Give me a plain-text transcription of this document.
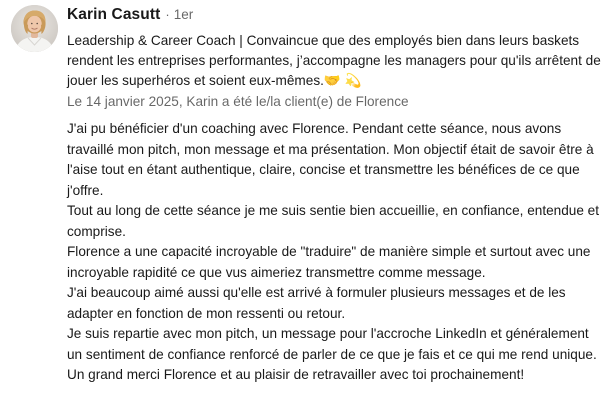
Karin Casutt · 1er
Leadership & Career Coach | Convaincue que des employés bien dans leurs baskets rendent les entreprises performantes, j’accompagne les managers pour qu'ils arrêtent de jouer les superhéros et soient eux-mêmes.🤝 💫
Le 14 janvier 2025, Karin a été le/la client(e) de Florence

J'ai pu bénéficier d'un coaching avec Florence. Pendant cette séance, nous avons travaillé mon pitch, mon message et ma présentation. Mon objectif était de savoir être à l'aise tout en étant authentique, claire, concise et transmettre les bénéfices de ce que j'offre.

Tout au long de cette séance je me suis sentie bien accueillie, en confiance, entendue et comprise.

Florence a une capacité incroyable de "traduire" de manière simple et surtout avec une incroyable rapidité ce que vus aimeriez transmettre comme message.

J'ai beaucoup aimé aussi qu'elle est arrivé à formuler plusieurs messages et de les adapter en fonction de mon ressenti ou retour.

Je suis repartie avec mon pitch, un message pour l'accroche LinkedIn et généralement un sentiment de confiance renforcé de parler de ce que je fais et ce qui me rend unique. Un grand merci Florence et au plaisir de retravailler avec toi prochainement!
